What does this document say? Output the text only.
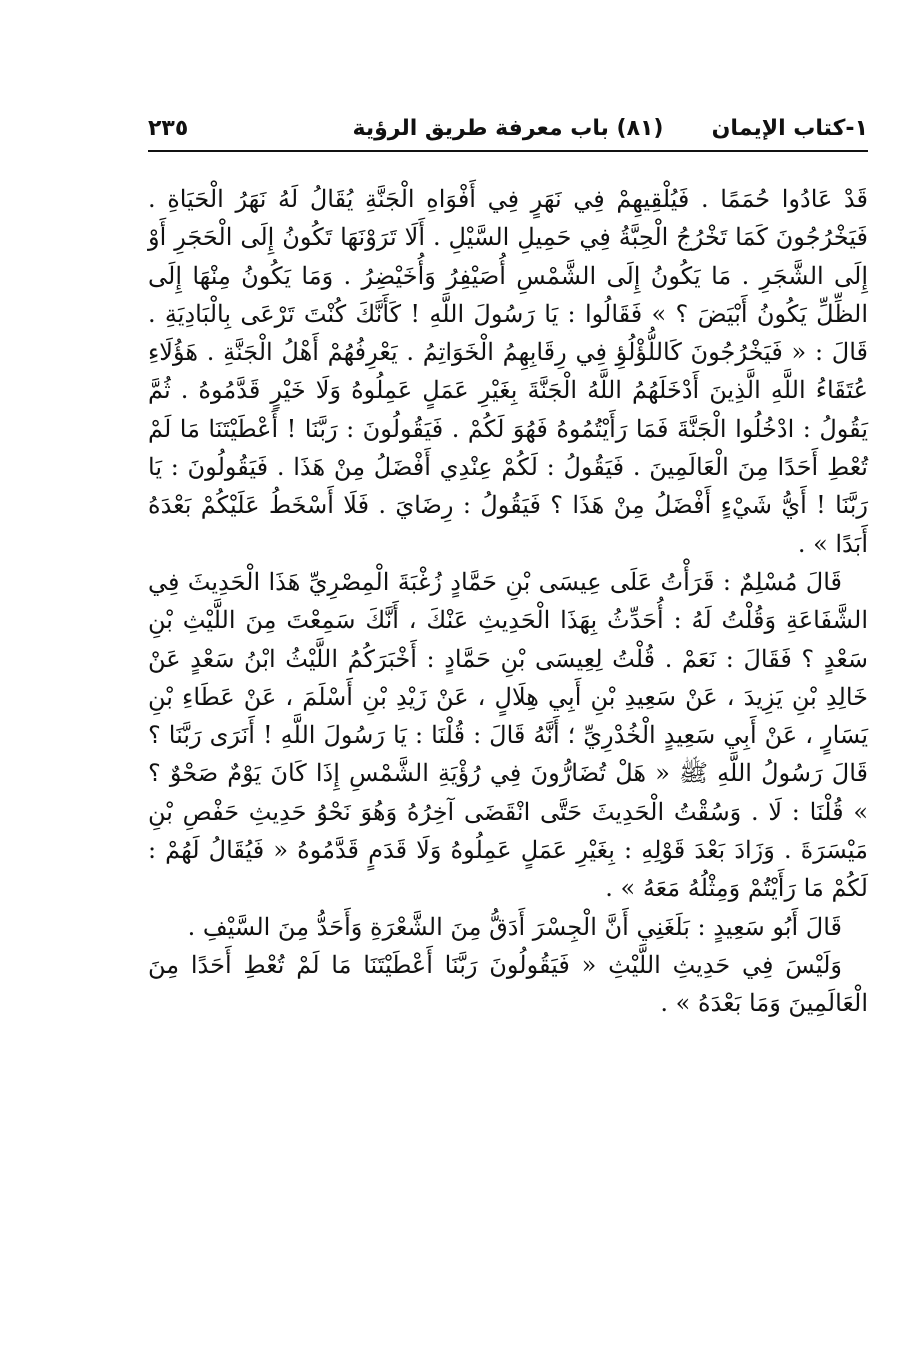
١-كتاب الإيمان
(٨١) باب معرفة طريق الرؤية
٢٣٥

قَدْ عَادُوا حُمَمًا . فَيُلْقِيهِمْ فِي نَهَرٍ فِي أَفْوَاهِ الْجَنَّةِ يُقَالُ لَهُ نَهَرُ الْحَيَاةِ . فَيَخْرُجُونَ كَمَا تَخْرُجُ الْحِبَّةُ فِي حَمِيلِ السَّيْلِ . أَلَا تَرَوْنَهَا تَكُونُ إِلَى الْحَجَرِ أَوْ إِلَى الشَّجَرِ . مَا يَكُونُ إِلَى الشَّمْسِ أُصَيْفِرُ وَأُخَيْضِرُ . وَمَا يَكُونُ مِنْهَا إِلَى الظِّلِّ يَكُونُ أَبْيَضَ ؟ » فَقَالُوا : يَا رَسُولَ اللَّهِ ! كَأَنَّكَ كُنْتَ تَرْعَى بِالْبَادِيَةِ . قَالَ : « فَيَخْرُجُونَ كَاللُّؤْلُؤِ فِي رِقَابِهِمُ الْخَوَاتِمُ . يَعْرِفُهُمْ أَهْلُ الْجَنَّةِ . هَؤُلَاءِ عُتَقَاءُ اللَّهِ الَّذِينَ أَدْخَلَهُمُ اللَّهُ الْجَنَّةَ بِغَيْرِ عَمَلٍ عَمِلُوهُ وَلَا خَيْرٍ قَدَّمُوهُ . ثُمَّ يَقُولُ : ادْخُلُوا الْجَنَّةَ فَمَا رَأَيْتُمُوهُ فَهُوَ لَكُمْ . فَيَقُولُونَ : رَبَّنَا ! أَعْطَيْتَنَا مَا لَمْ تُعْطِ أَحَدًا مِنَ الْعَالَمِينَ . فَيَقُولُ : لَكُمْ عِنْدِي أَفْضَلُ مِنْ هَذَا . فَيَقُولُونَ : يَا رَبَّنَا ! أَيُّ شَيْءٍ أَفْضَلُ مِنْ هَذَا ؟ فَيَقُولُ : رِضَايَ . فَلَا أَسْخَطُ عَلَيْكُمْ بَعْدَهُ أَبَدًا » .

قَالَ مُسْلِمٌ : قَرَأْتُ عَلَى عِيسَى بْنِ حَمَّادٍ زُغْبَةَ الْمِصْرِيِّ هَذَا الْحَدِيثَ فِي الشَّفَاعَةِ وَقُلْتُ لَهُ : أُحَدِّثُ بِهَذَا الْحَدِيثِ عَنْكَ ، أَنَّكَ سَمِعْتَ مِنَ اللَّيْثِ بْنِ سَعْدٍ ؟ فَقَالَ : نَعَمْ . قُلْتُ لِعِيسَى بْنِ حَمَّادٍ : أَخْبَرَكُمُ اللَّيْثُ ابْنُ سَعْدٍ عَنْ خَالِدِ بْنِ يَزِيدَ ، عَنْ سَعِيدِ بْنِ أَبِي هِلَالٍ ، عَنْ زَيْدِ بْنِ أَسْلَمَ ، عَنْ عَطَاءِ بْنِ يَسَارٍ ، عَنْ أَبِي سَعِيدٍ الْخُدْرِيِّ ؛ أَنَّهُ قَالَ : قُلْنَا : يَا رَسُولَ اللَّهِ ! أَنَرَى رَبَّنَا ؟ قَالَ رَسُولُ اللَّهِ ﷺ « هَلْ تُضَارُّونَ فِي رُؤْيَةِ الشَّمْسِ إِذَا كَانَ يَوْمٌ صَحْوٌ ؟ » قُلْنَا : لَا . وَسُقْتُ الْحَدِيثَ حَتَّى انْقَضَى آخِرُهُ وَهُوَ نَحْوُ حَدِيثِ حَفْصِ بْنِ مَيْسَرَةَ . وَزَادَ بَعْدَ قَوْلِهِ : بِغَيْرِ عَمَلٍ عَمِلُوهُ وَلَا قَدَمٍ قَدَّمُوهُ « فَيُقَالُ لَهُمْ : لَكُمْ مَا رَأَيْتُمْ وَمِثْلُهُ مَعَهُ » .

قَالَ أَبُو سَعِيدٍ : بَلَغَنِي أَنَّ الْجِسْرَ أَدَقُّ مِنَ الشَّعْرَةِ وَأَحَدُّ مِنَ السَّيْفِ .

وَلَيْسَ فِي حَدِيثِ اللَّيْثِ « فَيَقُولُونَ رَبَّنَا أَعْطَيْتَنَا مَا لَمْ تُعْطِ أَحَدًا مِنَ الْعَالَمِينَ وَمَا بَعْدَهُ » .
